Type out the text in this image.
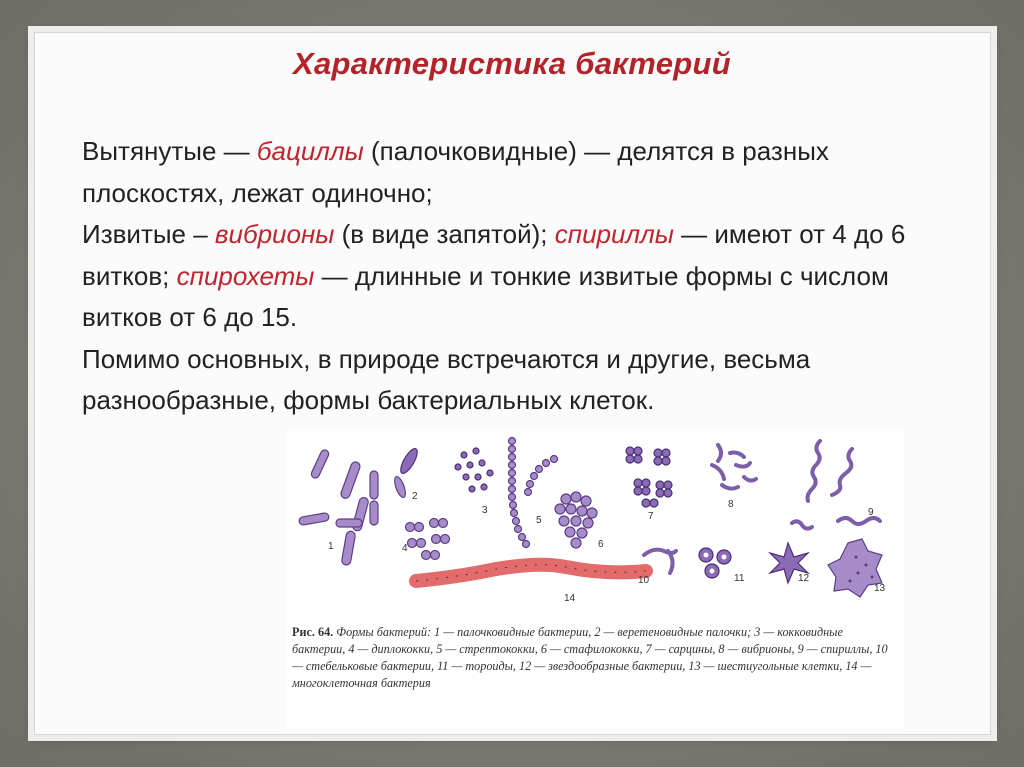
Характеристика бактерий

Вытянутые — бациллы (палочковидные) — делятся в разных плоскостях, лежат одиночно;

Извитые – вибрионы (в виде запятой); спириллы — имеют от 4 до 6 витков; спирохеты — длинные и тонкие извитые формы с числом витков от 6 до 15.

Помимо основных, в природе встречаются и другие, весьма разнообразные, формы бактериальных клеток.

1
2
3
4
5
6
7
8
9
10	11	12
13
14
Рис. 64. Формы бактерий: 1 — палочковидные бактерии, 2 — веретеновидные палочки; 3 — кокковидные бактерии, 4 — диплококки, 5 — стрептококки, 6 — стафилококки, 7 — сарцины, 8 — вибрионы, 9 — спириллы, 10 — стебельковые бактерии, 11 — тороиды, 12 — звездообразные бактерии, 13 — шестиугольные клетки, 14 — многоклеточная бактерия
